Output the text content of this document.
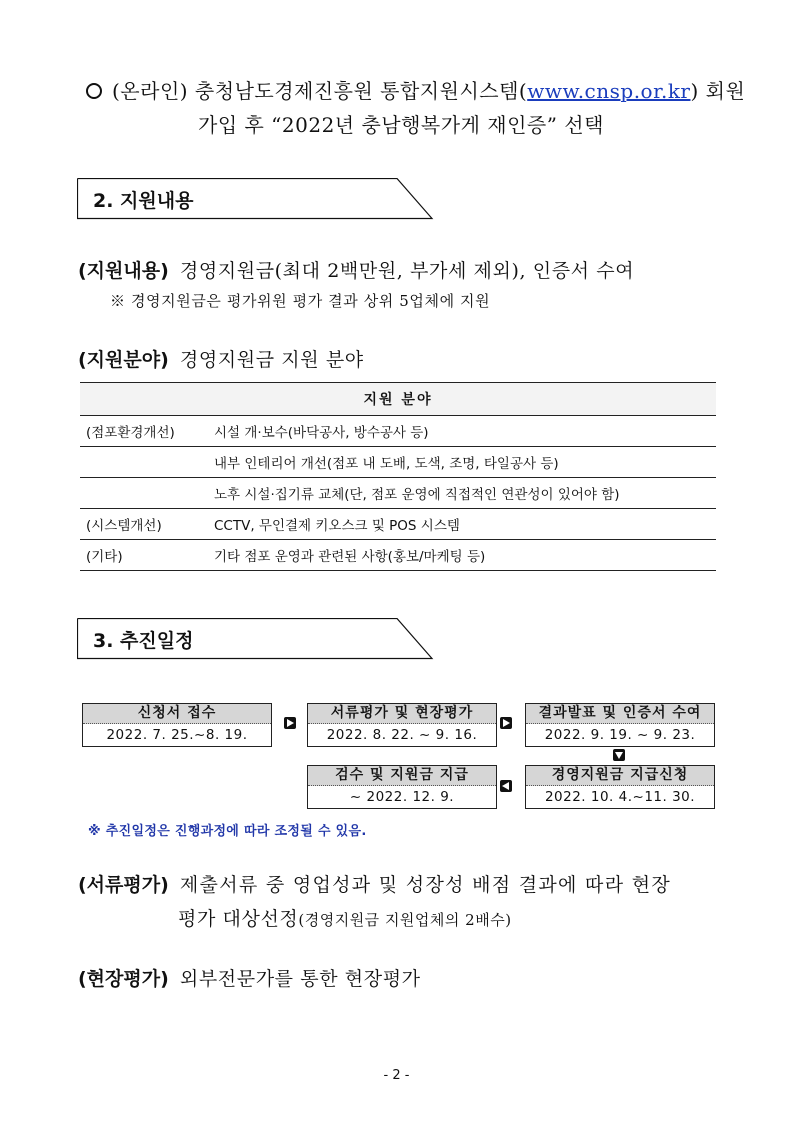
(온라인) 충청남도경제진흥원 통합지원시스템(www.cnsp.or.kr) 회원
가입 후 “2022년 충남행복가게 재인증” 선택
2. 지원내용
(지원내용) 경영지원금(최대 2백만원, 부가세 제외), 인증서 수여
※ 경영지원금은 평가위원 평가 결과 상위 5업체에 지원
(지원분야) 경영지원금 지원 분야
지원 분야	
(점포환경개선)	시설 개·보수(바닥공사, 방수공사 등)
	내부 인테리어 개선(점포 내 도배, 도색, 조명, 타일공사 등)
	노후 시설·집기류 교체(단, 점포 운영에 직접적인 연관성이 있어야 함)
(시스템개선)	CCTV, 무인결제 키오스크 및 POS 시스템
(기타)	기타 점포 운영과 관련된 사항(홍보/마케팅 등)
3. 추진일정
신청서 접수
2022. 7. 25.~8. 19.
서류평가 및 현장평가
2022. 8. 22. ~ 9. 16.
결과발표 및 인증서 수여
2022. 9. 19. ~ 9. 23.
경영지원금 지급신청
2022. 10. 4.~11. 30.
검수 및 지원금 지급
~ 2022. 12. 9.
※ 추진일정은 진행과정에 따라 조정될 수 있음.
(서류평가) 제출서류 중 영업성과 및 성장성 배점 결과에 따라 현장
평가 대상선정(경영지원금 지원업체의 2배수)
(현장평가) 외부전문가를 통한 현장평가
- 2 -
